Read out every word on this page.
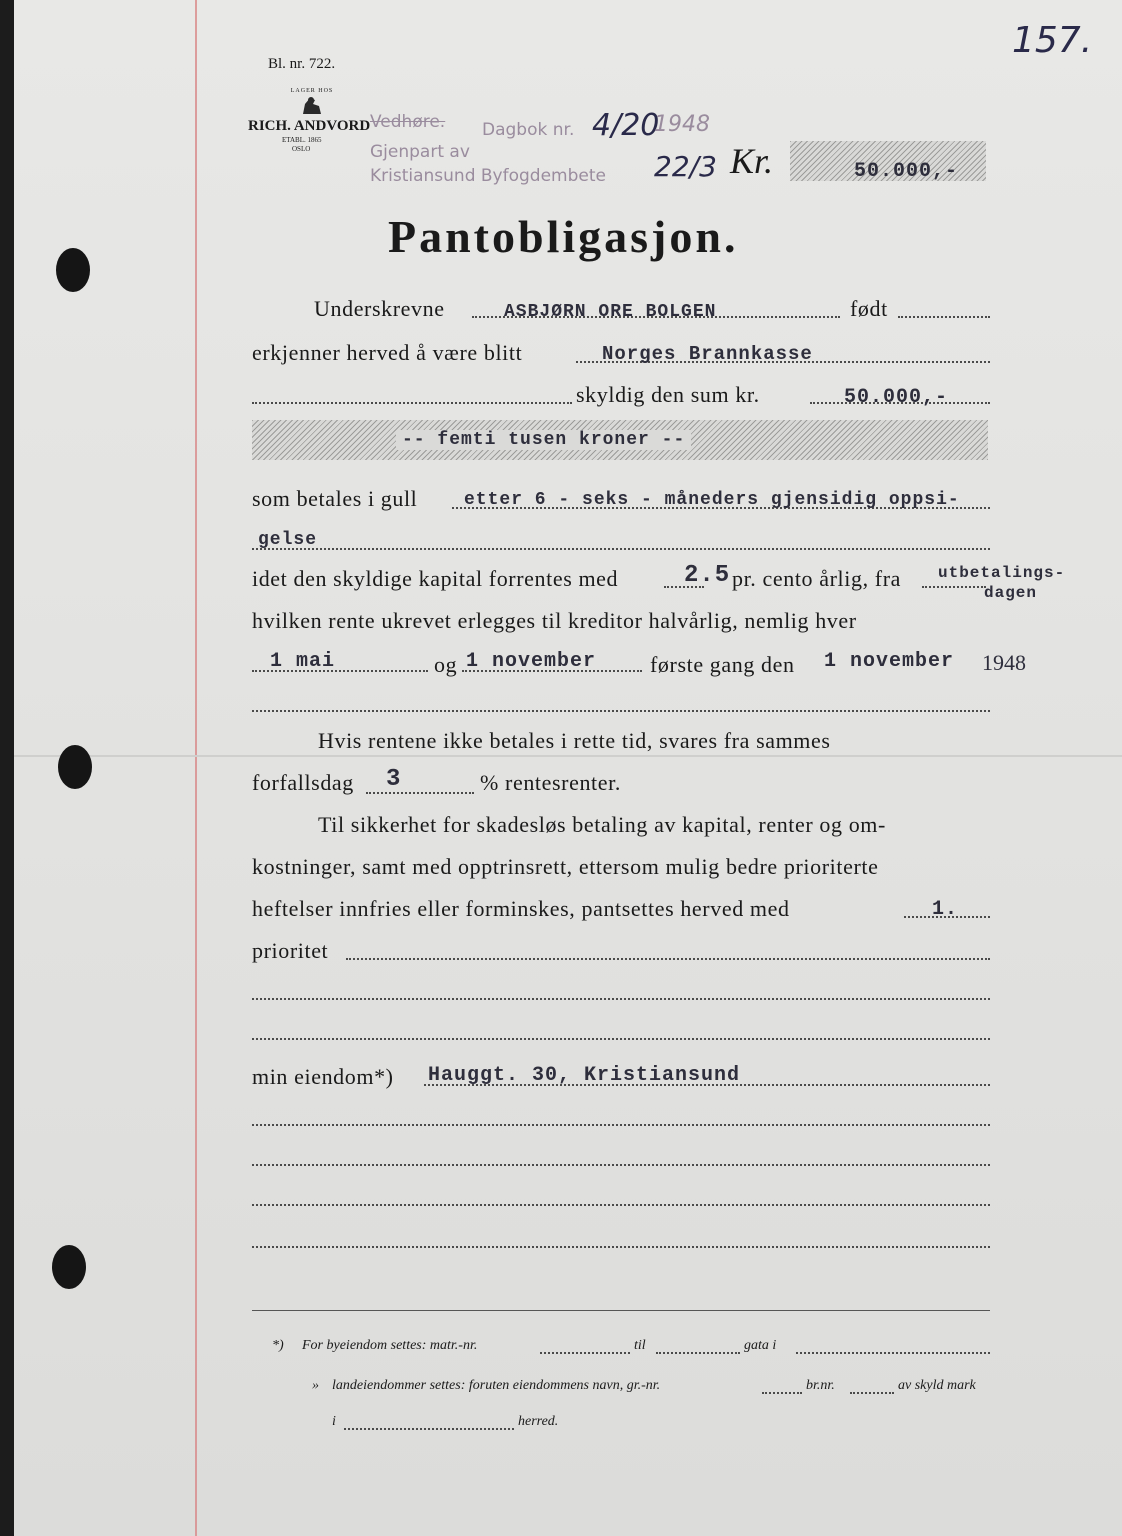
157.
Bl. nr. 722.
LAGER HOS
RICH. ANDVORD
ETABL. 1865
OSLO
Vedhøre. Dagbok nr. 4/20
1948
Gjenpart av
Kristiansund Byfogdembete 22/3 Kr.	50.000,-
Pantobligasjon.
Underskrevne	ASBJØRN ORE BOLGEN	født
erkjenner herved å være blitt	Norges Brannkasse
skyldig den sum kr.	50.000,-
-- femti tusen kroner --
som betales i gull	etter 6 - seks - måneders gjensidig oppsi-
gelse
idet den skyldige kapital forrentes med	2.5 pr. cento årlig, fra utbetalings-
dagen
hvilken rente ukrevet erlegges til kreditor halvårlig, nemlig hver
1 mai	og 1 november første gang den 1 november 1948
Hvis rentene ikke betales i rette tid, svares fra sammes
forfallsdag 3	% rentesrenter.
Til sikkerhet for skadesløs betaling av kapital, renter og om-
kostninger, samt med opptrinsrett, ettersom mulig bedre prioriterte
heftelser innfries eller forminskes, pantsettes herved med	1.
prioritet
min eiendom*) Hauggt. 30, Kristiansund
*) For byeiendom settes: matr.-nr.	til	gata i
» landeiendommer settes: foruten eiendommens navn, gr.-nr.	br.nr.	av skyld mark
i	herred.
